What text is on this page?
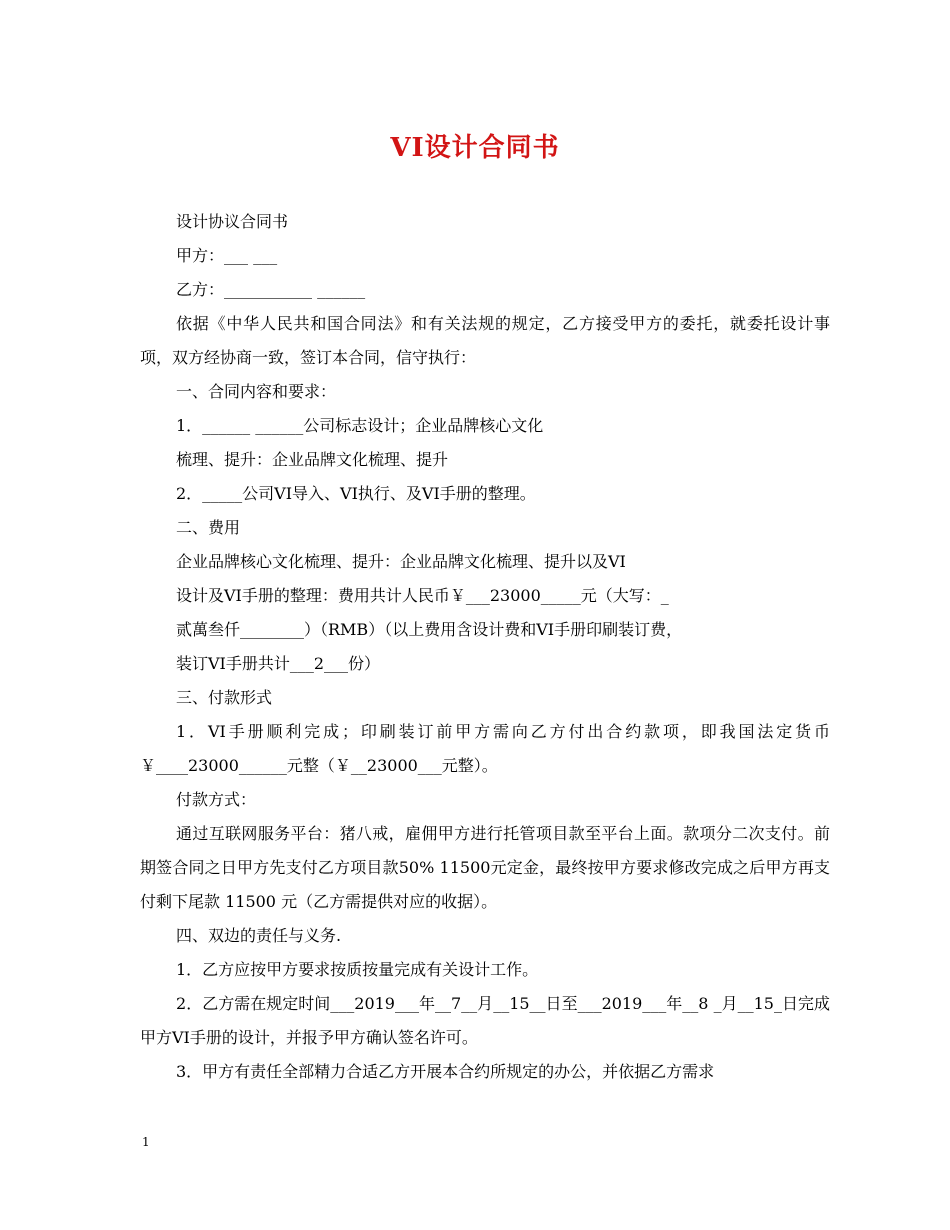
VI设计合同书

设计协议合同书

甲方：___ ___

乙方：___________ ______

依据《中华人民共和国合同法》和有关法规的规定，乙方接受甲方的委托，就委托设计事项，双方经协商一致，签订本合同，信守执行：

一、合同内容和要求：

1．______ ______公司标志设计；企业品牌核心文化

梳理、提升：企业品牌文化梳理、提升

2．_____公司VI导入、VI执行、及VI手册的整理。

二、费用

企业品牌核心文化梳理、提升：企业品牌文化梳理、提升以及VI

设计及VI手册的整理：费用共计人民币￥___23000_____元（大写：_

贰萬叁仟________）（RMB）（以上费用含设计费和VI手册印刷装订费，

装订VI手册共计___2___份）

三、付款形式

1．VI手册顺利完成；印刷装订前甲方需向乙方付出合约款项，即我国法定货币￥____23000______元整（￥__23000___元整）。

付款方式：

通过互联网服务平台：猪八戒，雇佣甲方进行托管项目款至平台上面。款项分二次支付。前期签合同之日甲方先支付乙方项目款50% 11500元定金，最终按甲方要求修改完成之后甲方再支付剩下尾款 11500 元（乙方需提供对应的收据）。

四、双边的责任与义务.

1．乙方应按甲方要求按质按量完成有关设计工作。

2．乙方需在规定时间___2019___年__7__月__15__日至___2019___年__8 _月__15_日完成甲方VI手册的设计，并报予甲方确认签名许可。

3．甲方有责任全部精力合适乙方开展本合约所规定的办公，并依据乙方需求

1
